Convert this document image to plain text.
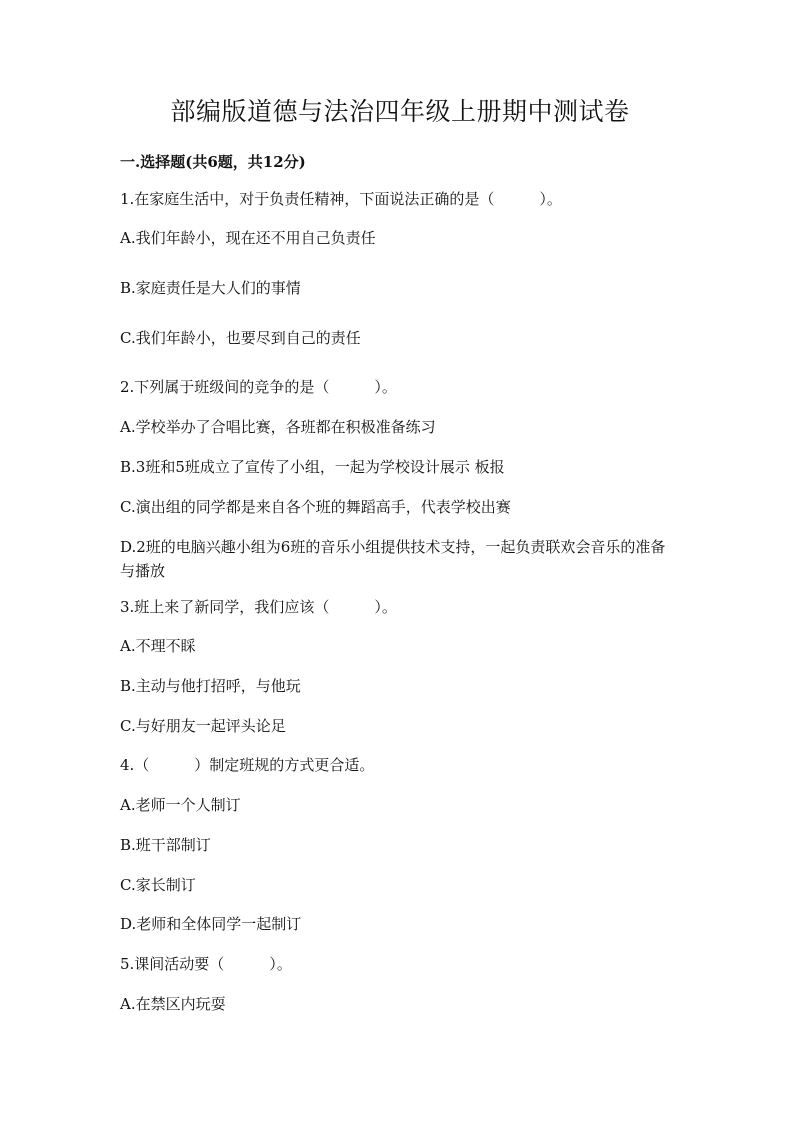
部编版道德与法治四年级上册期中测试卷
一.选择题(共6题，共12分)
1.在家庭生活中，对于负责任精神，下面说法正确的是（　　　）。
A.我们年龄小，现在还不用自己负责任
B.家庭责任是大人们的事情
C.我们年龄小，也要尽到自己的责任
2.下列属于班级间的竞争的是（　　　）。
A.学校举办了合唱比赛，各班都在积极准备练习
B.3班和5班成立了宣传了小组，一起为学校设计展示 板报
C.演出组的同学都是来自各个班的舞蹈高手，代表学校出赛
D.2班的电脑兴趣小组为6班的音乐小组提供技术支持，一起负责联欢会音乐的准备与播放
3.班上来了新同学，我们应该（　　　）。
A.不理不睬
B.主动与他打招呼，与他玩
C.与好朋友一起评头论足
4.（　　　）制定班规的方式更合适。
A.老师一个人制订
B.班干部制订
C.家长制订
D.老师和全体同学一起制订
5.课间活动要（　　　）。
A.在禁区内玩耍
